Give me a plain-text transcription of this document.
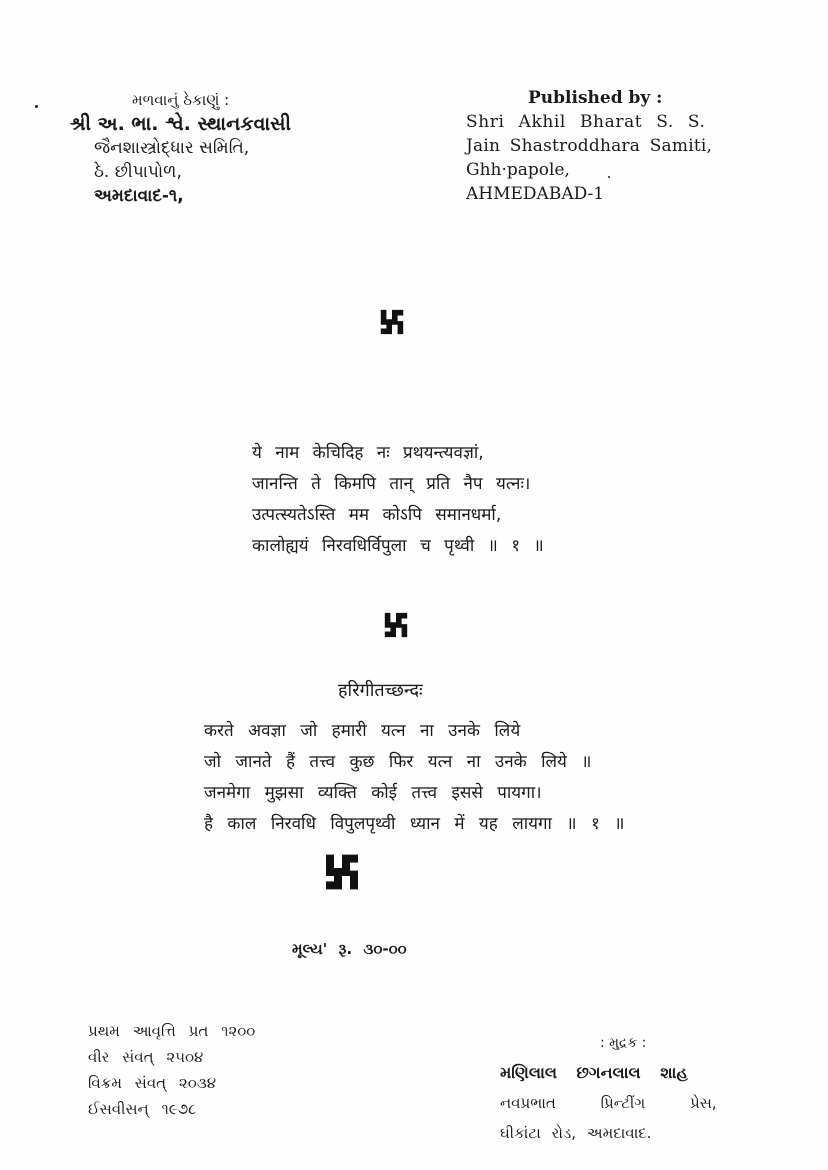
મળવાનું ઠેકાણું :
શ્રી અ. ભા. શ્વે. સ્થાનકવાસી
જૈનશાસ્ત્રોદ્ધાર સમિતિ,
ઠે. છીપાપોળ,
અમદાવાદ-૧,
Published by :
Shri Akhil Bharat S. S.
Jain Shastroddhara Samiti,
Ghh·papole,
AHMEDABAD-1
ये नाम केचिदिह नः प्रथयन्त्यवज्ञां,
जानन्ति ते किमपि तान् प्रति नैप यत्नः।
उत्पत्स्यतेऽस्ति मम कोऽपि समानधर्मा,
कालोह्ययं निरवधिर्विपुला च पृथ्वी ॥ १ ॥
हरिगीतच्छन्दः
करते अवज्ञा जो हमारी यत्न ना उनके लिये
जो जानते हैं तत्त्व कुछ फिर यत्न ना उनके लिये ॥
जनमेगा मुझसा व्यक्ति कोई तत्त्व इससे पायगा।
है काल निरवधि विपुलपृथ्वी ध्यान में यह लायगा ॥ १ ॥
મૂલ્ય' રૂ. ૩૦-૦૦
પ્રથમ આવૃત્તિ પ્રત ૧૨૦૦
વીર સંવત્ ૨૫૦૪
વિક્રમ સંવત્ ૨૦૩૪
ઈસવીસન્ ૧૯૭૮
: મુદ્રક :
મણિલાલ છગનલાલ શાહ
નવપ્રભાત પ્રિન્ટીંગ પ્રેસ,
ઘીકાંટા રોડ, અમદાવાદ.
